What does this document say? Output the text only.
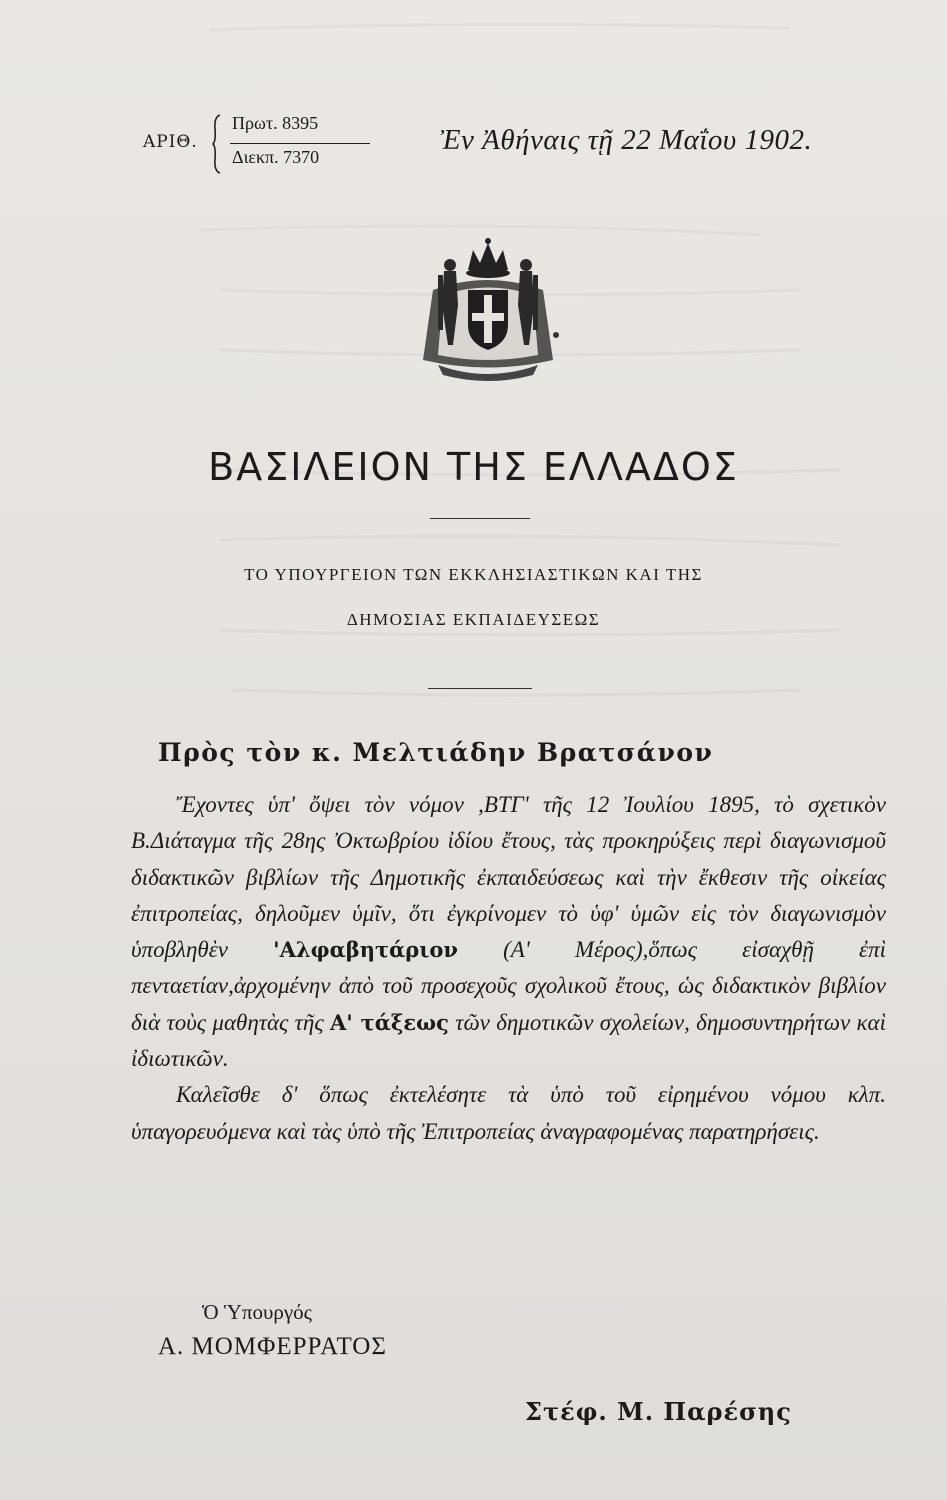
ΑΡΙΘ.
Πρωτ. 8395
Διεκπ. 7370
Ἐν Ἀθήναις τῇ 22 Μαΐου 1902.
ΒΑΣΙΛΕΙΟΝ ΤΗΣ ΕΛΛΑΔΟΣ
ΤΟ ΥΠΟΥΡΓΕΙΟΝ ΤΩΝ ΕΚΚΛΗΣΙΑΣΤΙΚΩΝ ΚΑΙ ΤΗΣ
ΔΗΜΟΣΙΑΣ ΕΚΠΑΙΔΕΥΣΕΩΣ
Πρὸς τὸν κ. Μελτιάδην Βρατσάνον

Ἔχοντες ὑπ' ὄψει τὸν νόμον ,ΒΤΓ' τῆς 12 Ἰουλίου 1895, τὸ σχετικὸν Β.Διάταγμα τῆς 28ης Ὀκτωβρίου ἰδίου ἔτους, τὰς προκηρύξεις περὶ διαγωνισμοῦ διδακτικῶν βιβλίων τῆς Δημοτικῆς ἐκπαιδεύσεως καὶ τὴν ἔκθεσιν τῆς οἰκείας ἐπιτροπείας, δηλοῦμεν ὑμῖν, ὅτι ἐγκρίνομεν τὸ ὑφ' ὑμῶν εἰς τὸν διαγωνισμὸν ὑποβληθὲν 'Αλφαβητάριον (Α' Μέρος),ὅπως εἰσαχθῇ ἐπὶ πενταετίαν,ἀρχομένην ἀπὸ τοῦ προσεχοῦς σχολικοῦ ἔτους, ὡς διδακτικὸν βιβλίον διὰ τοὺς μαθητὰς τῆς Α' τάξεως τῶν δημοτικῶν σχολείων, δημοσυντηρήτων καὶ ἰδιωτικῶν.

Καλεῖσθε δ' ὅπως ἐκτελέσητε τὰ ὑπὸ τοῦ εἰρημένου νόμου κλπ. ὑπαγορευόμενα καὶ τὰς ὑπὸ τῆς Ἐπιτροπείας ἀναγραφομένας παρατηρήσεις.

Ὁ Ὑπουργός
Α. ΜΟΜΦΕΡΡΑΤΟΣ
Στέφ. Μ. Παρέσης
